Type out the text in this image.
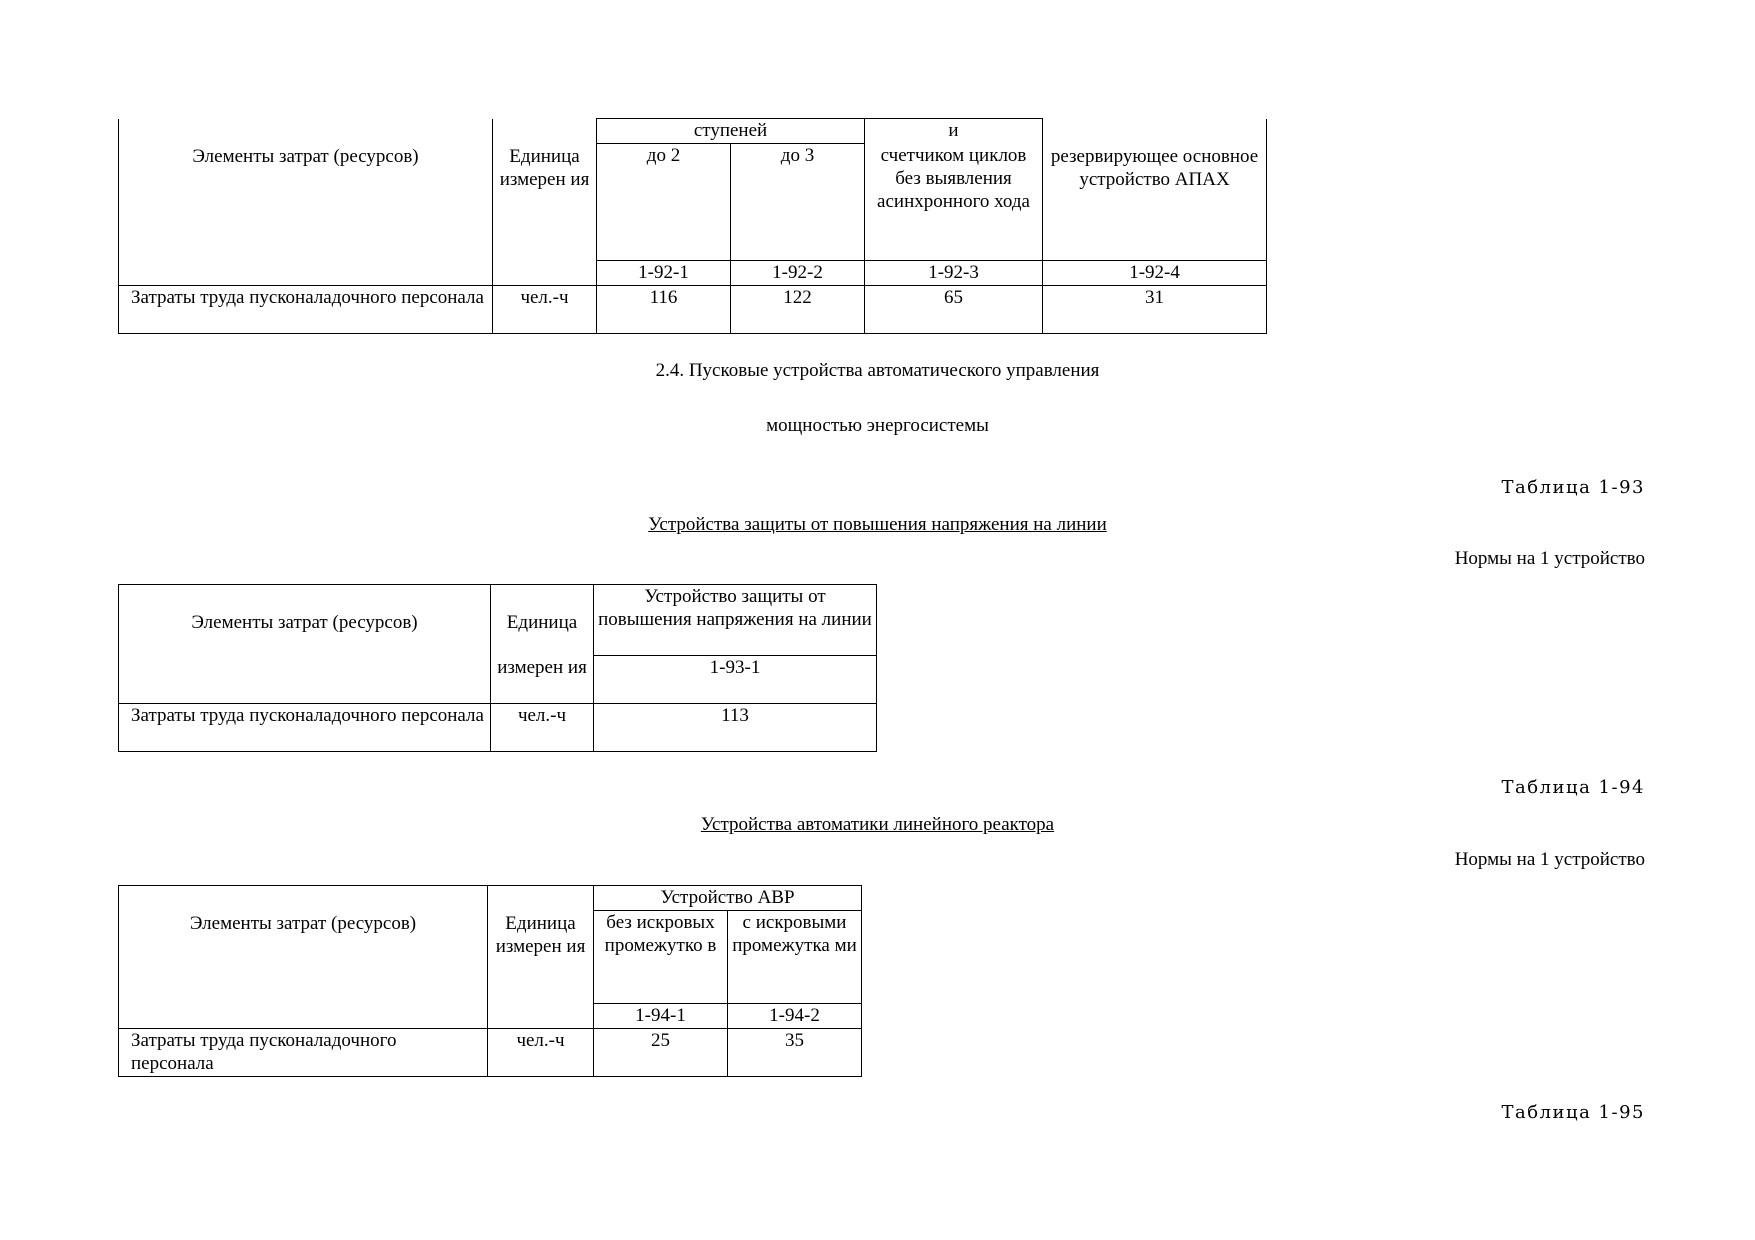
Элементы затрат (ресурсов)	Единица измерен ия	ступеней		и	резервирующее основное устройство АПАХ
		до 2	до 3	счетчиком циклов без выявления асинхронного хода	
		1-92-1	1-92-2	1-92-3	1-92-4
Затраты труда пусконаладочного персонала	чел.-ч	116	122	65	31
2.4. Пусковые устройства автоматического управления
мощностью энергосистемы
Таблица 1-93
Устройства защиты от повышения напряжения на линии
Нормы на 1 устройство
Элементы затрат (ресурсов)	Единица	Устройство защиты от повышения напряжения на линии
	измерен ия	1-93-1
Затраты труда пусконаладочного персонала	чел.-ч	113
Таблица 1-94
Устройства автоматики линейного реактора
Нормы на 1 устройство
Элементы затрат (ресурсов)	Единица измерен ия	Устройство АВР	
		без искровых промежутко в	с искровыми промежутка ми
		1-94-1	1-94-2
Затраты труда пусконаладочного персонала	чел.-ч	25	35
Таблица 1-95
